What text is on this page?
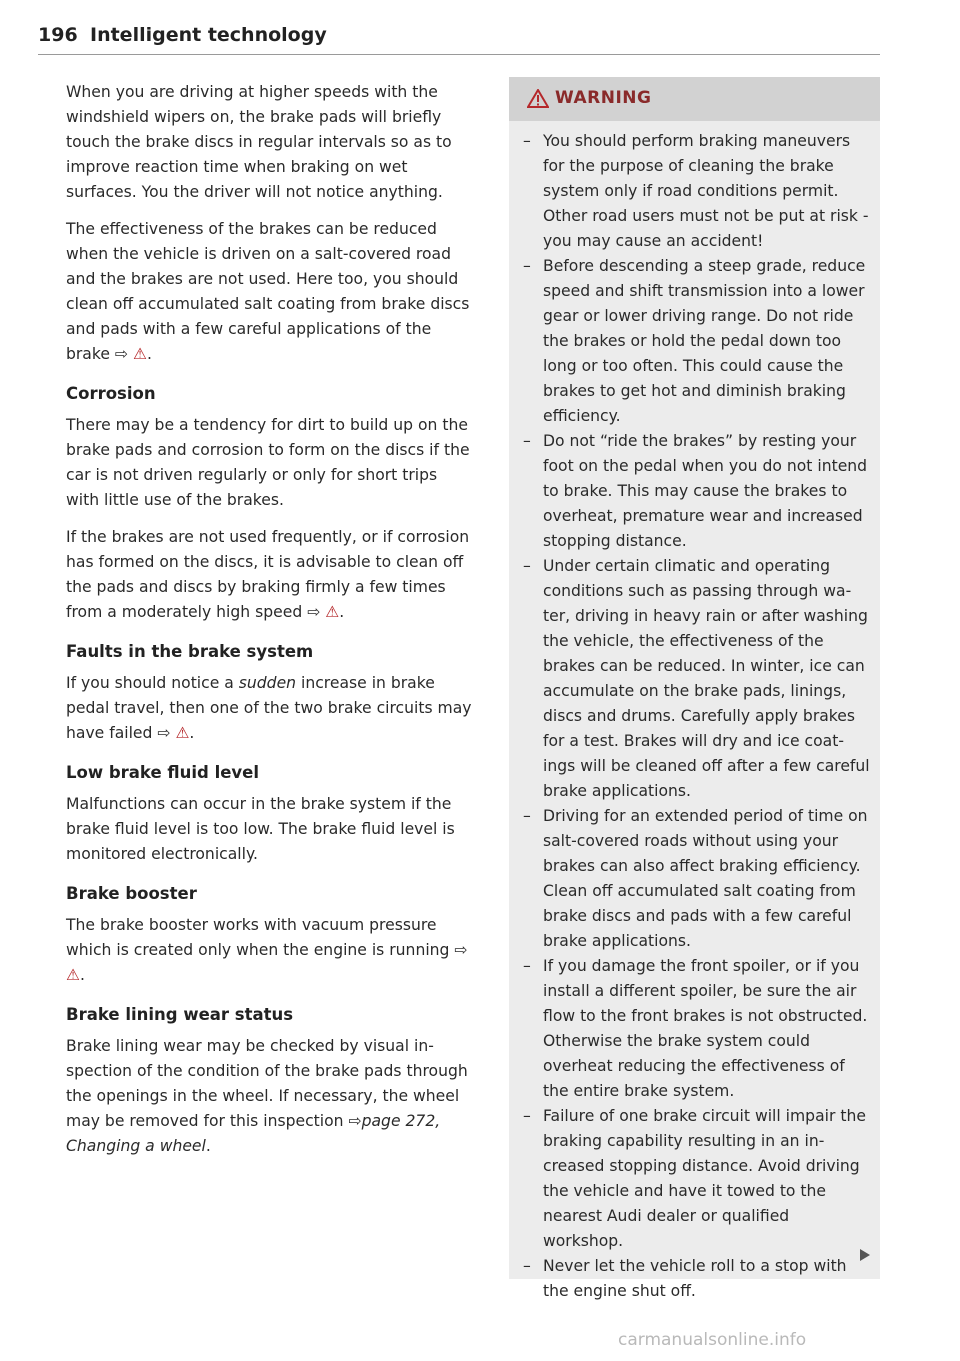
196 Intelligent technology

When you are driving at higher speeds with the windshield wipers on, the brake pads will briefly touch the brake discs in regular intervals so as to improve reaction time when braking on wet surfaces. You the driver will not notice anything.

The effectiveness of the brakes can be reduced when the vehicle is driven on a salt-covered road and the brakes are not used. Here too, you should clean off accumulated salt coating from brake discs and pads with a few careful applications of the brake ⇨ ⚠.

Corrosion

There may be a tendency for dirt to build up on the brake pads and corrosion to form on the discs if the car is not driven regularly or only for short trips with little use of the brakes.

If the brakes are not used frequently, or if corrosion has formed on the discs, it is advisable to clean off the pads and discs by braking firmly a few times from a moderately high speed ⇨ ⚠.

Faults in the brake system

If you should notice a sudden increase in brake pedal travel, then one of the two brake circuits may have failed ⇨ ⚠.

Low brake fluid level

Malfunctions can occur in the brake system if the brake fluid level is too low. The brake fluid level is monitored electronically.

Brake booster

The brake booster works with vacuum pressure which is created only when the engine is running ⇨ ⚠.

Brake lining wear status

Brake lining wear may be checked by visual inspection of the condition of the brake pads through the openings in the wheel. If necessary, the wheel may be removed for this inspection ⇨page 272, Changing a wheel.

WARNING
– You should perform braking maneuvers for the purpose of cleaning the brake system only if road conditions permit. Other road users must not be put at risk - you may cause an accident!
– Before descending a steep grade, reduce speed and shift transmission into a lower gear or lower driving range. Do not ride the brakes or hold the pedal down too long or too often. This could cause the brakes to get hot and diminish braking efficiency.
– Do not “ride the brakes” by resting your foot on the pedal when you do not intend to brake. This may cause the brakes to overheat, premature wear and increased stopping distance.
– Under certain climatic and operating conditions such as passing through water, driving in heavy rain or after washing the vehicle, the effectiveness of the brakes can be reduced. In winter, ice can accumulate on the brake pads, linings, discs and drums. Carefully apply brakes for a test. Brakes will dry and ice coatings will be cleaned off after a few careful brake applications.
– Driving for an extended period of time on salt-covered roads without using your brakes can also affect braking efficiency. Clean off accumulated salt coating from brake discs and pads with a few careful brake applications.
– If you damage the front spoiler, or if you install a different spoiler, be sure the air flow to the front brakes is not obstructed. Otherwise the brake system could overheat reducing the effectiveness of the entire brake system.
– Failure of one brake circuit will impair the braking capability resulting in an increased stopping distance. Avoid driving the vehicle and have it towed to the nearest Audi dealer or qualified workshop.
– Never let the vehicle roll to a stop with the engine shut off.
carmanualsonline.info
